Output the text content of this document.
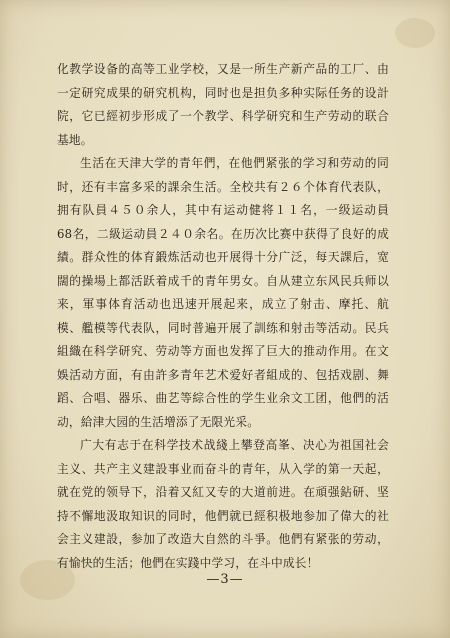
化教学设备的高等工业学校，又是一所生产新产品的工厂、由
一定研究成果的研究机构，同时也是担负多种实际任务的设計
院，它已經初步形成了一个教学、科学研究和生产劳动的联合
基地。
生活在天津大学的青年們，在他們紧张的学习和劳动的同
时，还有丰富多采的課余生活。全校共有２６个体育代表队，
拥有队員４５０余人，其中有运动健将１１名，一级运动員
68名，二級运动員２４０余名。在历次比赛中获得了良好的成
績。群众性的体育鍛炼活动也开展得十分广泛，每天課后，宽
闊的操場上都活跃着成千的青年男女。自从建立东风民兵师以
来，軍事体育活动也迅速开展起来，成立了射击、摩托、航
模、艦模等代表队，同时普遍开展了訓练和射击等活动。民兵
組織在科学研究、劳动等方面也发挥了巨大的推动作用。在文
娛活动方面，有由許多青年艺术爱好者組成的、包括戏剧、舞
蹈、合唱、器乐、曲艺等綜合性的学生业余文工团，他們的活
动，給津大园的生活增添了无限光采。
广大有志于在科学技术战綫上攀登高峯、决心为祖国社会
主义、共产主义建設事业而奋斗的青年，从入学的第一天起，
就在党的领导下，沿着又紅又专的大道前进。在頑强鉆研、坚
持不懈地汲取知识的同时，他們就已經积极地参加了偉大的社
会主义建設，参加了改造大自然的斗爭。他們有紧张的劳动，
有愉快的生活；他們在实踐中学习，在斗中成长！
—3—
